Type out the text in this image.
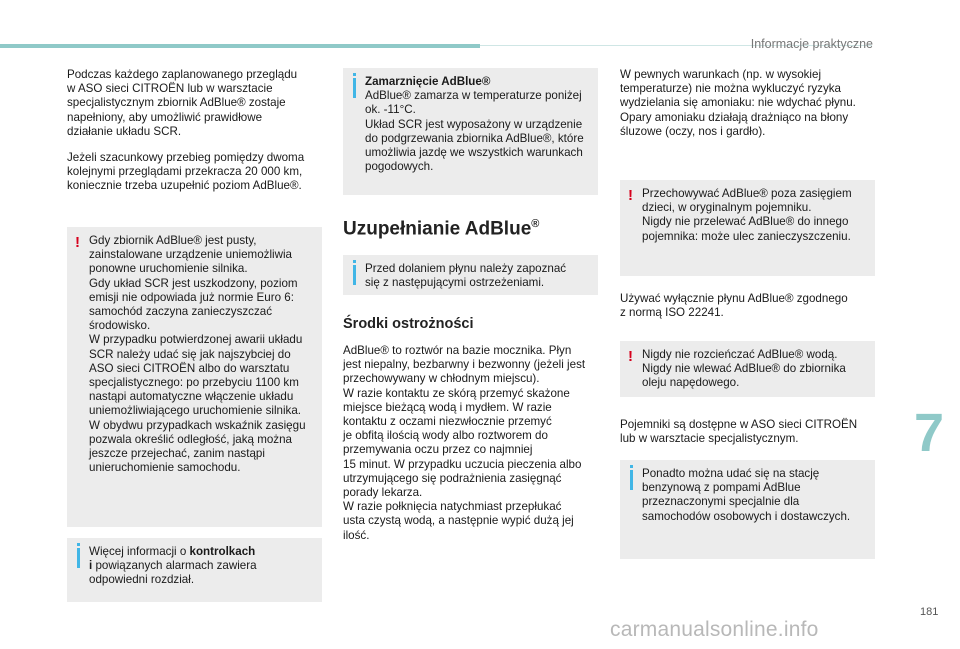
Informacje praktyczne

Podczas każdego zaplanowanego przeglądu
w ASO sieci CITROËN lub w warsztacie
specjalistycznym zbiornik AdBlue® zostaje
napełniony, aby umożliwić prawidłowe
działanie układu SCR.

Jeżeli szacunkowy przebieg pomiędzy dwoma
kolejnymi przeglądami przekracza 20 000 km,
koniecznie trzeba uzupełnić poziom AdBlue®.

! Gdy zbiornik AdBlue® jest pusty,
zainstalowane urządzenie uniemożliwia
ponowne uruchomienie silnika.
Gdy układ SCR jest uszkodzony, poziom
emisji nie odpowiada już normie Euro 6:
samochód zaczyna zanieczyszczać
środowisko.
W przypadku potwierdzonej awarii układu
SCR należy udać się jak najszybciej do
ASO sieci CITROËN albo do warsztatu
specjalistycznego: po przebyciu 1100 km
nastąpi automatyczne włączenie układu
uniemożliwiającego uruchomienie silnika.
W obydwu przypadkach wskaźnik zasięgu
pozwala określić odległość, jaką można
jeszcze przejechać, zanim nastąpi
unieruchomienie samochodu.
Więcej informacji o kontrolkach
i powiązanych alarmach zawiera
odpowiedni rozdział.
Zamarznięcie AdBlue®
AdBlue® zamarza w temperaturze poniżej
ok. -11°C.
Układ SCR jest wyposażony w urządzenie
do podgrzewania zbiornika AdBlue®, które
umożliwia jazdę we wszystkich warunkach
pogodowych.
Uzupełnianie AdBlue®
Przed dolaniem płynu należy zapoznać
się z następującymi ostrzeżeniami.
Środki ostrożności

AdBlue® to roztwór na bazie mocznika. Płyn
jest niepalny, bezbarwny i bezwonny (jeżeli jest
przechowywany w chłodnym miejscu).
W razie kontaktu ze skórą przemyć skażone
miejsce bieżącą wodą i mydłem. W razie
kontaktu z oczami niezwłocznie przemyć
je obfitą ilością wody albo roztworem do
przemywania oczu przez co najmniej
15 minut. W przypadku uczucia pieczenia albo
utrzymującego się podrażnienia zasięgnąć
porady lekarza.
W razie połknięcia natychmiast przepłukać
usta czystą wodą, a następnie wypić dużą jej
ilość.

W pewnych warunkach (np. w wysokiej
temperaturze) nie można wykluczyć ryzyka
wydzielania się amoniaku: nie wdychać płynu.
Opary amoniaku działają drażniąco na błony
śluzowe (oczy, nos i gardło).

! Przechowywać AdBlue® poza zasięgiem
dzieci, w oryginalnym pojemniku.
Nigdy nie przelewać AdBlue® do innego
pojemnika: może ulec zanieczyszczeniu.

Używać wyłącznie płynu AdBlue® zgodnego
z normą ISO 22241.

! Nigdy nie rozcieńczać AdBlue® wodą.
Nigdy nie wlewać AdBlue® do zbiornika
oleju napędowego.

Pojemniki są dostępne w ASO sieci CITROËN
lub w warsztacie specjalistycznym.

Ponadto można udać się na stację
benzynową z pompami AdBlue
przeznaczonymi specjalnie dla
samochodów osobowych i dostawczych.
7
181
carmanualsonline.info
